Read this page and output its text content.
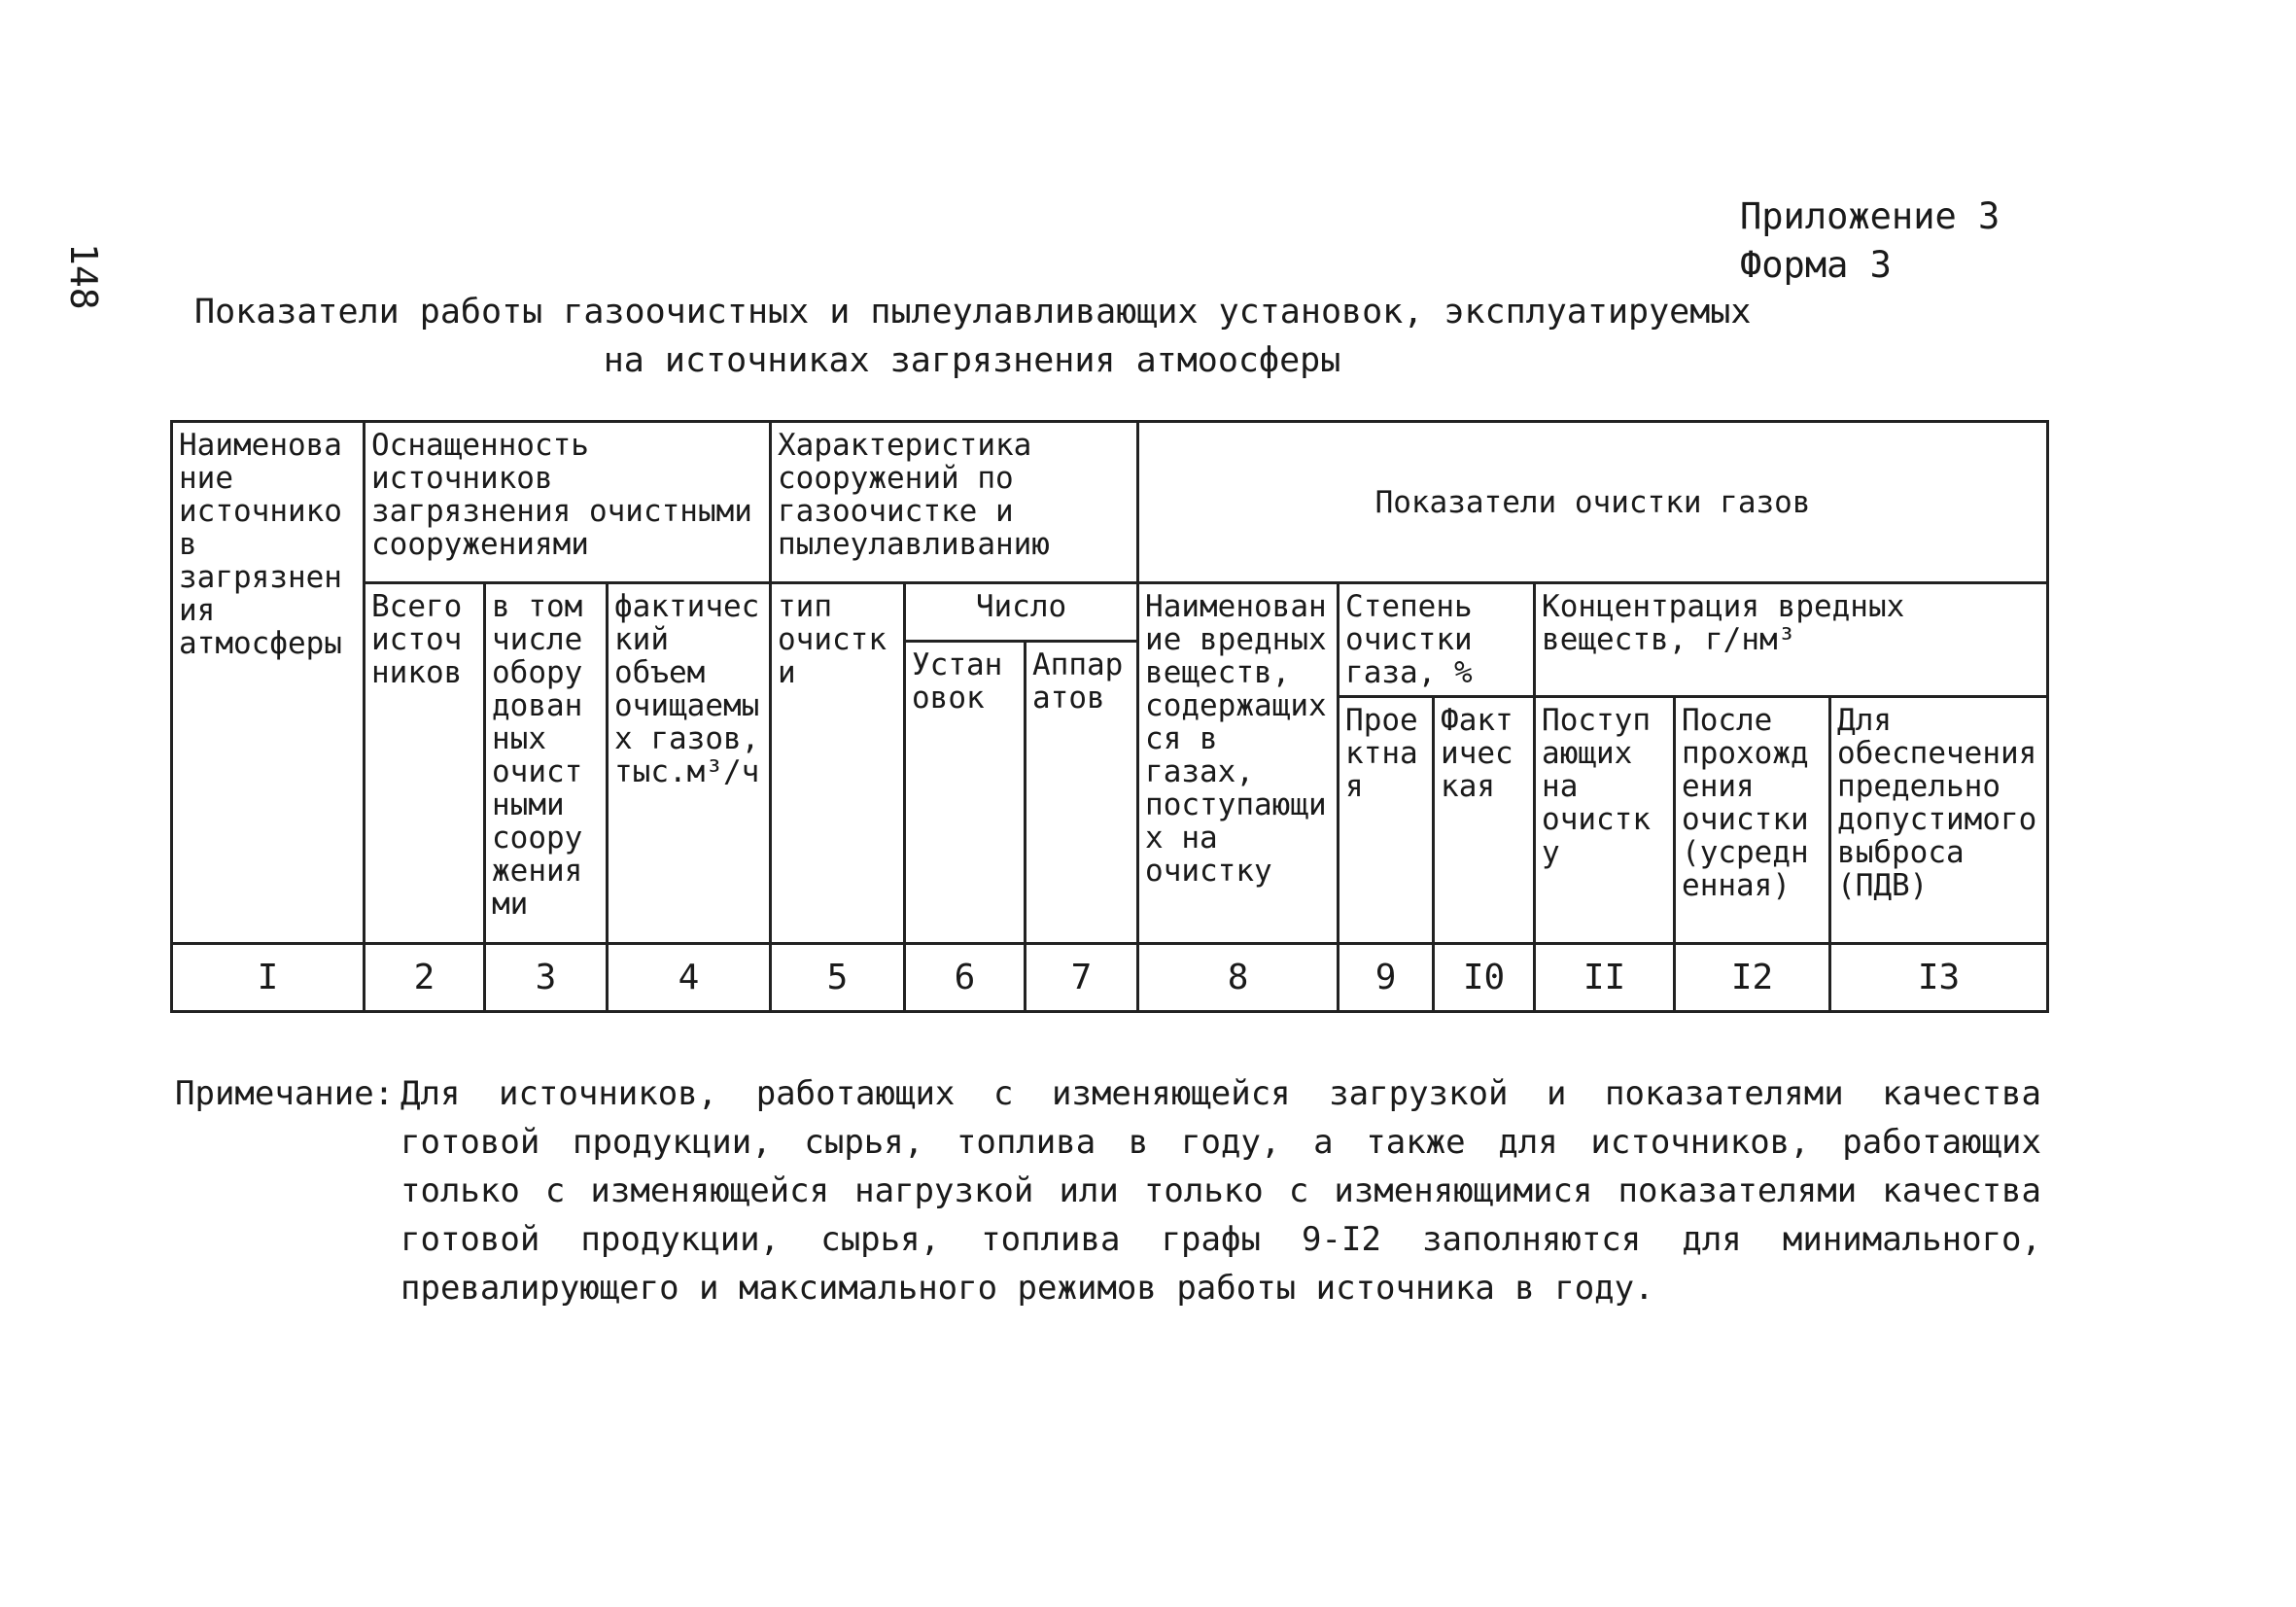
148
Приложение 3
Форма 3
Показатели работы газоочистных и пылеулавливающих установок, эксплуатируемых
на источниках загрязнения атмоосферы
Наименование источников загрязнения атмосферы	Оснащенность источников загрязнения очистными сооружениями			Характеристика сооружений по газоочистке и пылеулавливанию			Показатели очистки газов					
	Всего источников	в том числе оборудованных очистными сооружениями	фактический объем очищаемых газов, тыс.м³/ч	тип очистки	Число		Наименование вредных веществ, содержащихся в газах, поступающих на очистку	Степень очистки газа, %		Концентрация вредных веществ, г/нм³		
					Установок	Аппаратов						
								Проектная	Фактическая	Поступающих на очистку	После прохождения очистки (усредненная)	Для обеспечения предельно допустимого выброса (ПДВ)
I	2	3	4	5	6	7	8	9	I0	II	I2	I3
Примечание: Для источников, работающих с изменяющейся загрузкой и показателями качества готовой продукции, сырья, топлива в году, а также для источников, работающих только с изменяющейся нагрузкой или только с изменяющимися показателями качества готовой продукции, сырья, топлива графы 9-I2 заполняются для минимального, превалирующего и максимального режимов работы источника в году.
